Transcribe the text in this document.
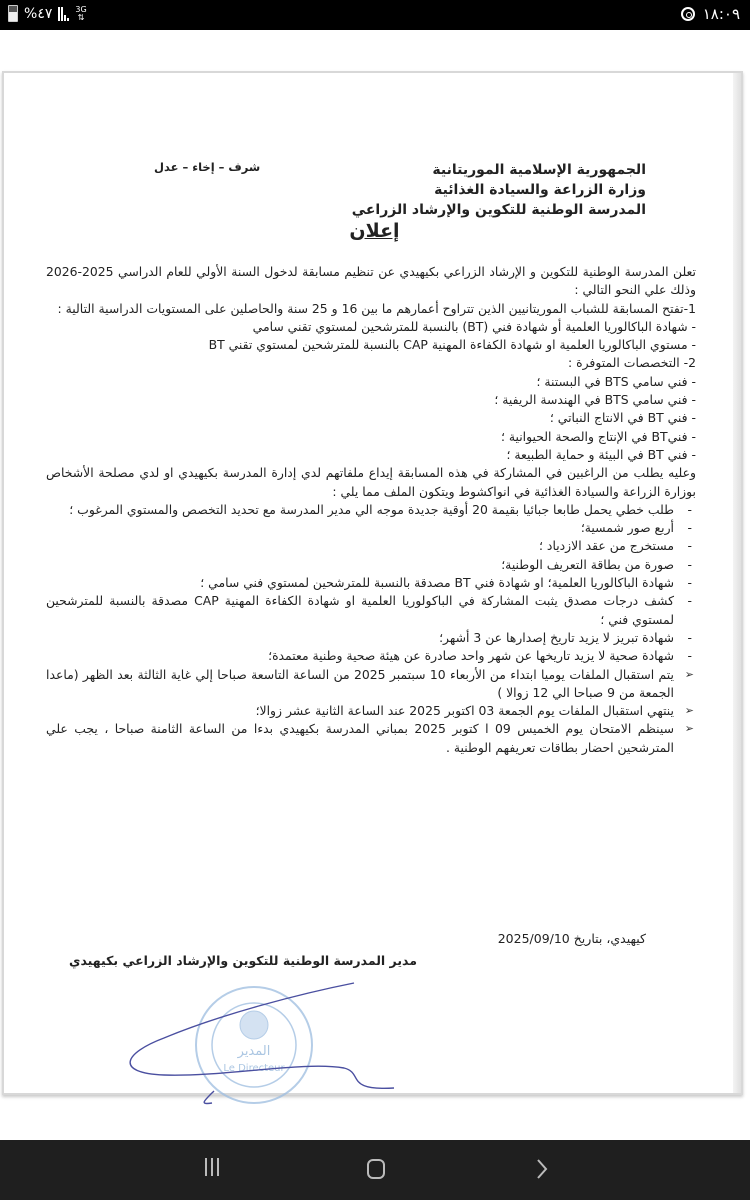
%٤٧	3G
⇅	١٨:٠٩
الجمهورية الإسلامية الموريتانية
وزارة الزراعة والسيادة الغذائية
المدرسة الوطنية للتكوين والإرشاد الزراعي
شرف – إخاء – عدل
إعلان

تعلن المدرسة الوطنية للتكوين و الإرشاد الزراعي بكيهيدي عن تنظيم مسابقة لدخول السنة الأولي للعام الدراسي 2025-2026 وذلك علي النحو التالي :

1-تفتح المسابقة للشباب الموريتانيين الذين تتراوح أعمارهم ما بين 16 و 25 سنة والحاصلين على المستويات الدراسية التالية :

- شهادة الباكالوريا العلمية أو شهادة فني (BT) بالنسبة للمترشحين لمستوي تقني سامي

- مستوي الباكالوريا العلمية او شهادة الكفاءة المهنية CAP بالنسبة للمترشحين لمستوي تقني BT

2- التخصصات المتوفرة :

- فني سامي BTS في البستنة ؛

- فني سامي BTS في الهندسة الريفية ؛

- فني BT في الانتاج النباتي ؛

- فنيBT في الإنتاج والصحة الحيوانية ؛

- فني BT في البيئة و حماية الطبيعة ؛

وعليه يطلب من الراغبين في المشاركة في هذه المسابقة إيداع ملفاتهم لدي إدارة المدرسة بكيهيدي او لدي مصلحة الأشخاص بوزارة الزراعة والسيادة الغذائية في انواكشوط ويتكون الملف مما يلي :

- طلب خطي يحمل طابعا جبائيا بقيمة 20 أوقية جديدة موجه الي مدير المدرسة مع تحديد التخصص والمستوي المرغوب ؛
- أربع صور شمسية؛
- مستخرج من عقد الازدياد ؛
- صورة من بطاقة التعريف الوطنية؛
- شهادة الباكالوريا العلمية؛ او شهادة فني BT مصدقة بالنسبة للمترشحين لمستوي فني سامي ؛
- كشف درجات مصدق يثبت المشاركة في الباكولوريا العلمية او شهادة الكفاءة المهنية CAP مصدقة بالنسبة للمترشحين لمستوي فني ؛
- شهادة تبريز لا يزيد تاريخ إصدارها عن 3 أشهر؛
- شهادة صحية لا يزيد تاريخها عن شهر واحد صادرة عن هيئة صحية وطنية معتمدة؛
➢ يتم استقبال الملفات يوميا ابتداء من الأربعاء 10 سبتمبر 2025 من الساعة التاسعة صباحا إلي غاية الثالثة بعد الظهر (ماعدا الجمعة من 9 صباحا الي 12 زوالا )
➢ ينتهي استقبال الملفات يوم الجمعة 03 اكتوبر 2025 عند الساعة الثانية عشر زوالا؛
➢ سينظم الامتحان يوم الخميس 09 ا كتوبر 2025 بمباني المدرسة بكيهيدي بدءا من الساعة الثامنة صباحا ، يجب علي المترشحين احضار بطاقات تعريفهم الوطنية .
كيهيدي، بتاريخ 2025/09/10
مدير المدرسة الوطنية للتكوين والإرشاد الزراعي بكيهيدي
المدير
Le Directeur
